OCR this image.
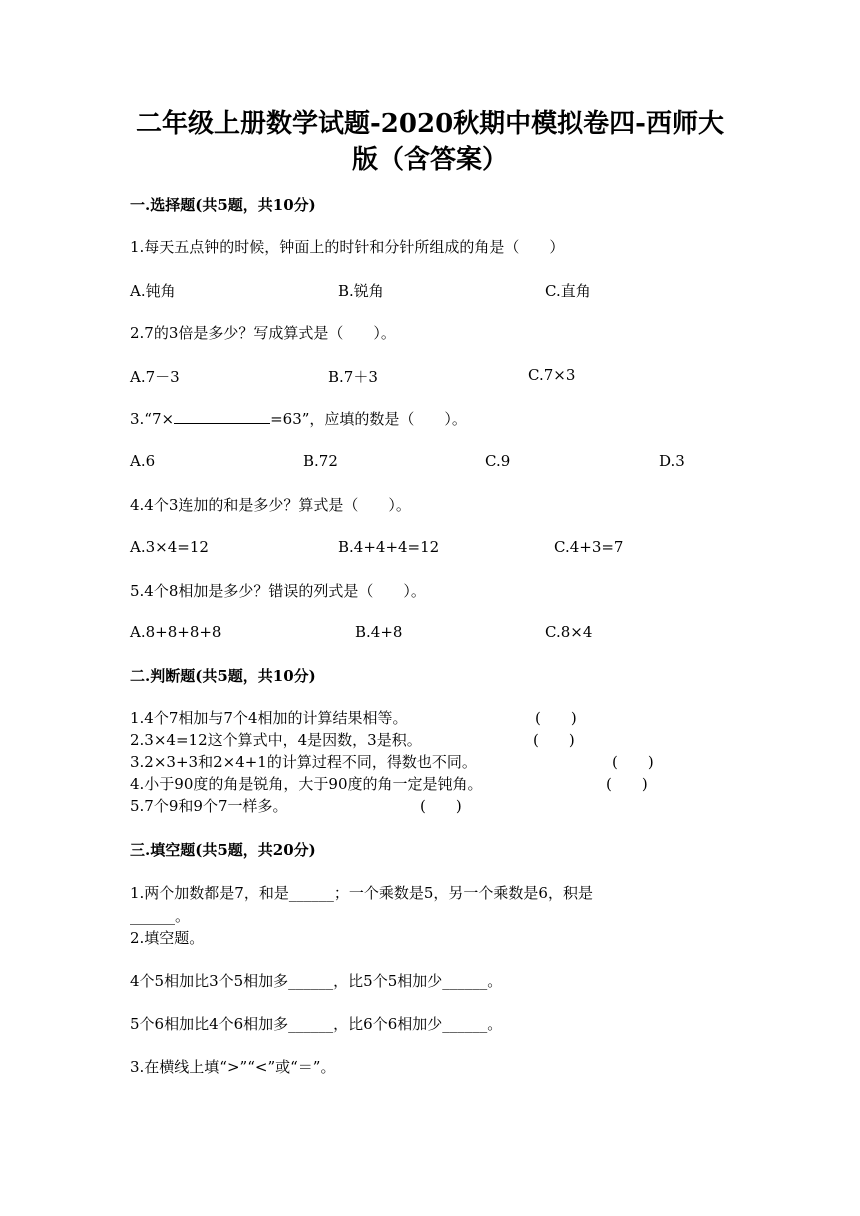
二年级上册数学试题-2020秋期中模拟卷四-西师大
版（含答案）
一.选择题(共5题，共10分)
1.每天五点钟的时候，钟面上的时针和分针所组成的角是（　　）
A.钝角	B.锐角	C.直角
2.7的3倍是多少？写成算式是（　　）。
A.7－3	B.7＋3	C.7×3
3.“7×	=63”，应填的数是（　　）。
A.6	B.72	C.9	D.3
4.4个3连加的和是多少？算式是（　　）。
A.3×4=12	B.4+4+4=12	C.4+3=7
5.4个8相加是多少？错误的列式是（　　）。
A.8+8+8+8	B.4+8	C.8×4
二.判断题(共5题，共10分)
1.4个7相加与7个4相加的计算结果相等。	(　　)
2.3×4=12这个算式中，4是因数，3是积。	(　　)
3.2×3+3和2×4+1的计算过程不同，得数也不同。	(　　)
4.小于90度的角是锐角，大于90度的角一定是钝角。	(　　)
5.7个9和9个7一样多。	(　　)
三.填空题(共5题，共20分)
1.两个加数都是7，和是______；一个乘数是5，另一个乘数是6，积是
______。
2.填空题。
4个5相加比3个5相加多______，比5个5相加少______。
5个6相加比4个6相加多______，比6个6相加少______。
3.在横线上填“>”“<”或“＝”。
